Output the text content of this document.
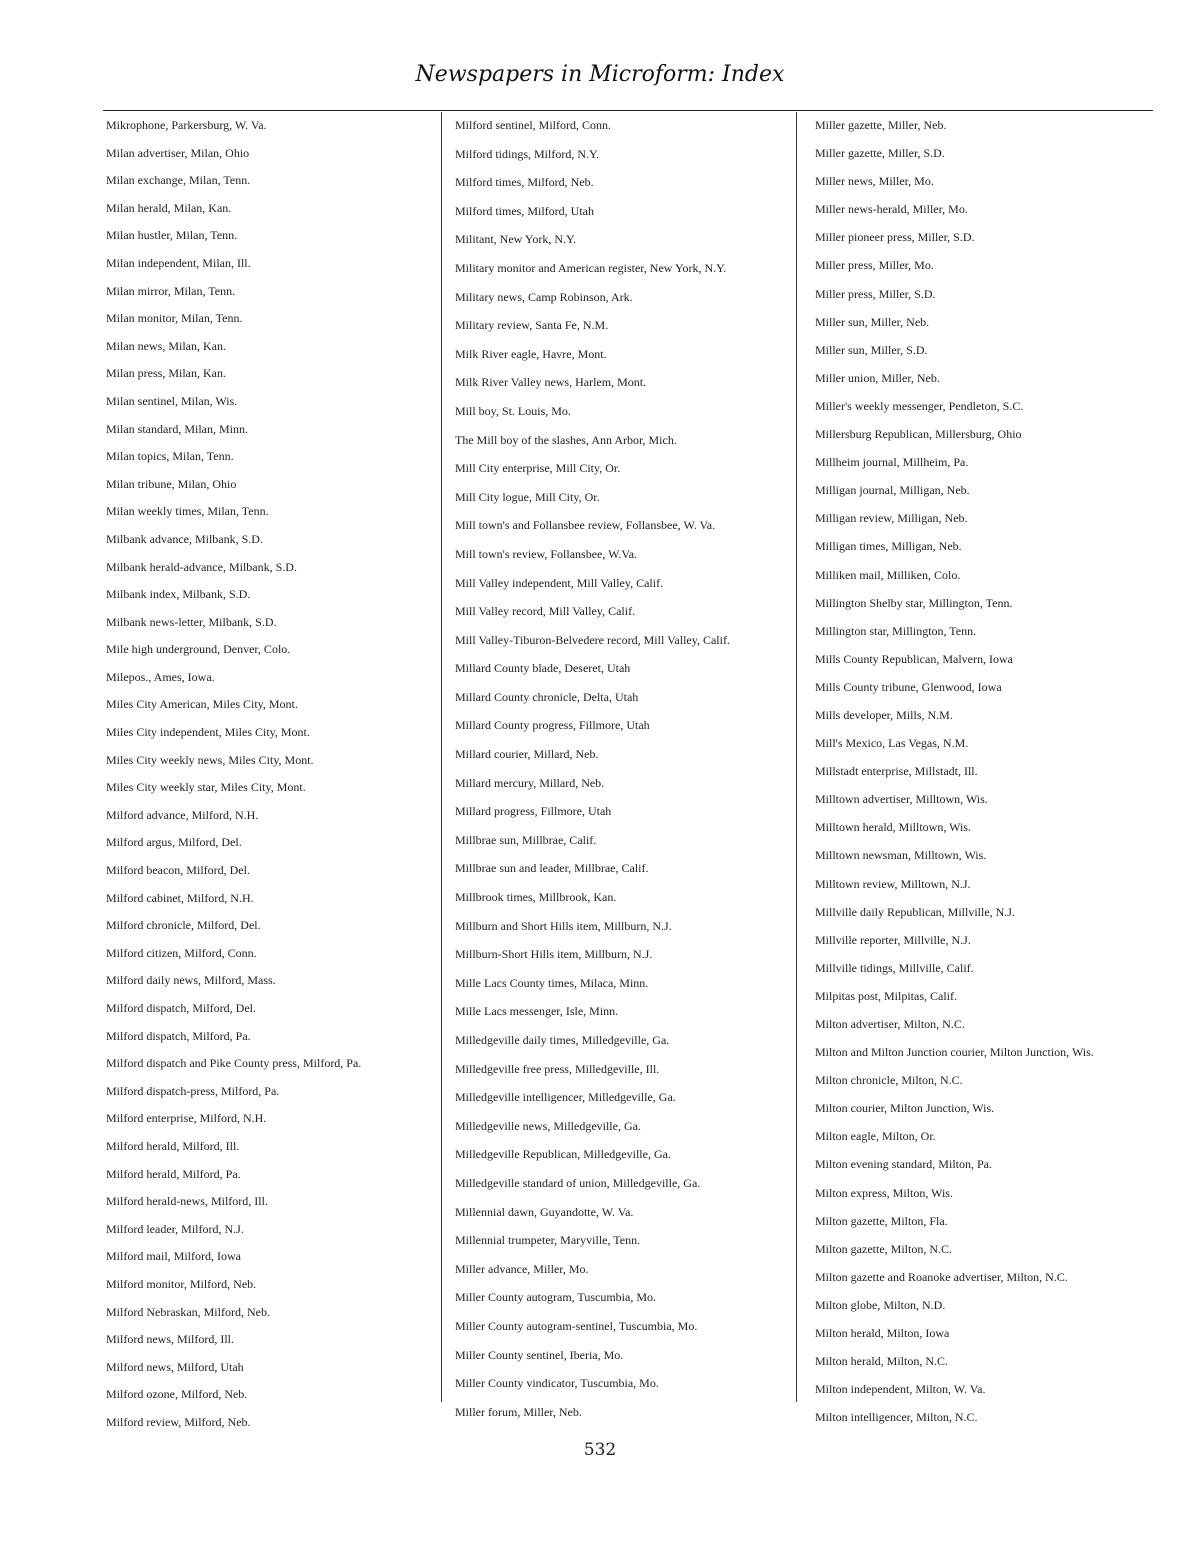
Newspapers in Microform: Index
Mikrophone, Parkersburg, W. Va.
Milan advertiser, Milan, Ohio
Milan exchange, Milan, Tenn.
Milan herald, Milan, Kan.
Milan hustler, Milan, Tenn.
Milan independent, Milan, Ill.
Milan mirror, Milan, Tenn.
Milan monitor, Milan, Tenn.
Milan news, Milan, Kan.
Milan press, Milan, Kan.
Milan sentinel, Milan, Wis.
Milan standard, Milan, Minn.
Milan topics, Milan, Tenn.
Milan tribune, Milan, Ohio
Milan weekly times, Milan, Tenn.
Milbank advance, Milbank, S.D.
Milbank herald-advance, Milbank, S.D.
Milbank index, Milbank, S.D.
Milbank news-letter, Milbank, S.D.
Mile high underground, Denver, Colo.
Milepos., Ames, Iowa.
Miles City American, Miles City, Mont.
Miles City independent, Miles City, Mont.
Miles City weekly news, Miles City, Mont.
Miles City weekly star, Miles City, Mont.
Milford advance, Milford, N.H.
Milford argus, Milford, Del.
Milford beacon, Milford, Del.
Milford cabinet, Milford, N.H.
Milford chronicle, Milford, Del.
Milford citizen, Milford, Conn.
Milford daily news, Milford, Mass.
Milford dispatch, Milford, Del.
Milford dispatch, Milford, Pa.
Milford dispatch and Pike County press, Milford, Pa.
Milford dispatch-press, Milford, Pa.
Milford enterprise, Milford, N.H.
Milford herald, Milford, Ill.
Milford herald, Milford, Pa.
Milford herald-news, Milford, Ill.
Milford leader, Milford, N.J.
Milford mail, Milford, Iowa
Milford monitor, Milford, Neb.
Milford Nebraskan, Milford, Neb.
Milford news, Milford, Ill.
Milford news, Milford, Utah
Milford ozone, Milford, Neb.
Milford review, Milford, Neb.
Milford sentinel, Milford, Conn.
Milford tidings, Milford, N.Y.
Milford times, Milford, Neb.
Milford times, Milford, Utah
Militant, New York, N.Y.
Military monitor and American register, New York, N.Y.
Military news, Camp Robinson, Ark.
Military review, Santa Fe, N.M.
Milk River eagle, Havre, Mont.
Milk River Valley news, Harlem, Mont.
Mill boy, St. Louis, Mo.
The Mill boy of the slashes, Ann Arbor, Mich.
Mill City enterprise, Mill City, Or.
Mill City logue, Mill City, Or.
Mill town's and Follansbee review, Follansbee, W. Va.
Mill town's review, Follansbee, W.Va.
Mill Valley independent, Mill Valley, Calif.
Mill Valley record, Mill Valley, Calif.
Mill Valley-Tiburon-Belvedere record, Mill Valley, Calif.
Millard County blade, Deseret, Utah
Millard County chronicle, Delta, Utah
Millard County progress, Fillmore, Utah
Millard courier, Millard, Neb.
Millard mercury, Millard, Neb.
Millard progress, Fillmore, Utah
Millbrae sun, Millbrae, Calif.
Millbrae sun and leader, Millbrae, Calif.
Millbrook times, Millbrook, Kan.
Millburn and Short Hills item, Millburn, N.J.
Millburn-Short Hills item, Millburn, N.J.
Mille Lacs County times, Milaca, Minn.
Mille Lacs messenger, Isle, Minn.
Milledgeville daily times, Milledgeville, Ga.
Milledgeville free press, Milledgeville, Ill.
Milledgeville intelligencer, Milledgeville, Ga.
Milledgeville news, Milledgeville, Ga.
Milledgeville Republican, Milledgeville, Ga.
Milledgeville standard of union, Milledgeville, Ga.
Millennial dawn, Guyandotte, W. Va.
Millennial trumpeter, Maryville, Tenn.
Miller advance, Miller, Mo.
Miller County autogram, Tuscumbia, Mo.
Miller County autogram-sentinel, Tuscumbia, Mo.
Miller County sentinel, Iberia, Mo.
Miller County vindicator, Tuscumbia, Mo.
Miller forum, Miller, Neb.
Miller gazette, Miller, Neb.
Miller gazette, Miller, S.D.
Miller news, Miller, Mo.
Miller news-herald, Miller, Mo.
Miller pioneer press, Miller, S.D.
Miller press, Miller, Mo.
Miller press, Miller, S.D.
Miller sun, Miller, Neb.
Miller sun, Miller, S.D.
Miller union, Miller, Neb.
Miller's weekly messenger, Pendleton, S.C.
Millersburg Republican, Millersburg, Ohio
Millheim journal, Millheim, Pa.
Milligan journal, Milligan, Neb.
Milligan review, Milligan, Neb.
Milligan times, Milligan, Neb.
Milliken mail, Milliken, Colo.
Millington Shelby star, Millington, Tenn.
Millington star, Millington, Tenn.
Mills County Republican, Malvern, Iowa
Mills County tribune, Glenwood, Iowa
Mills developer, Mills, N.M.
Mill's Mexico, Las Vegas, N.M.
Millstadt enterprise, Millstadt, Ill.
Milltown advertiser, Milltown, Wis.
Milltown herald, Milltown, Wis.
Milltown newsman, Milltown, Wis.
Milltown review, Milltown, N.J.
Millville daily Republican, Millville, N.J.
Millville reporter, Millville, N.J.
Millville tidings, Millville, Calif.
Milpitas post, Milpitas, Calif.
Milton advertiser, Milton, N.C.
Milton and Milton Junction courier, Milton Junction, Wis.
Milton chronicle, Milton, N.C.
Milton courier, Milton Junction, Wis.
Milton eagle, Milton, Or.
Milton evening standard, Milton, Pa.
Milton express, Milton, Wis.
Milton gazette, Milton, Fla.
Milton gazette, Milton, N.C.
Milton gazette and Roanoke advertiser, Milton, N.C.
Milton globe, Milton, N.D.
Milton herald, Milton, Iowa
Milton herald, Milton, N.C.
Milton independent, Milton, W. Va.
Milton intelligencer, Milton, N.C.
532
